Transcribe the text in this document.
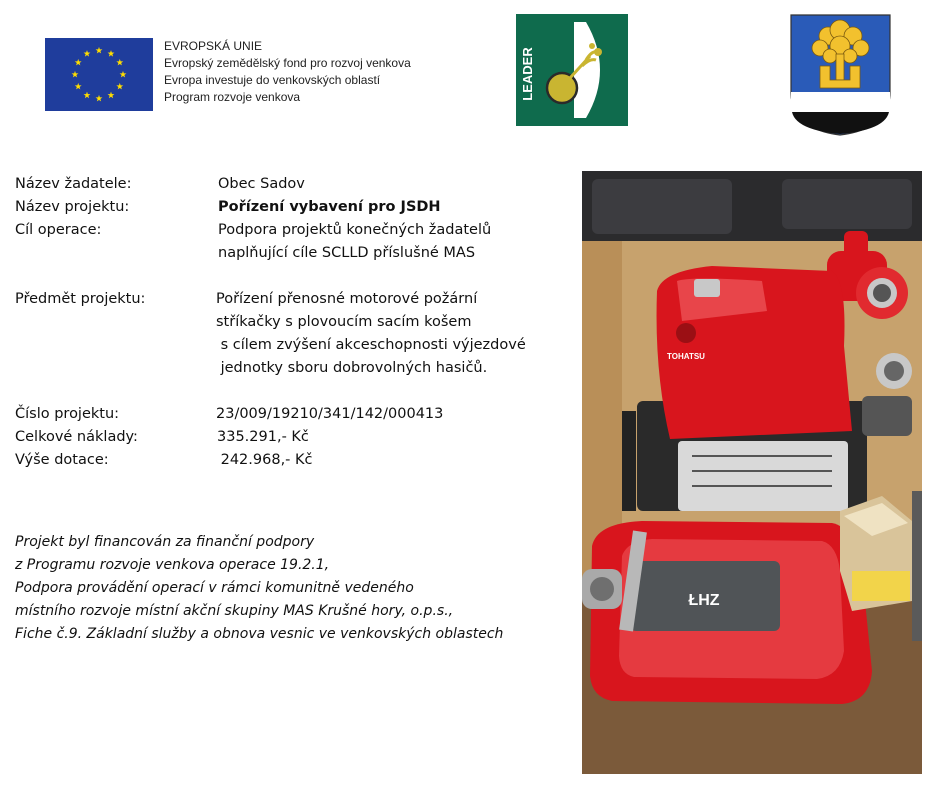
EVROPSKÁ UNIE
Evropský zemědělský fond pro rozvoj venkova
Evropa investuje do venkovských oblastí
Program rozvoje venkova	LEADER
Název žadatele:	Obec Sadov
Název projektu:	Pořízení vybavení pro JSDH
Cíl operace:	Podpora projektů konečných žadatelů
naplňující cíle SCLLD příslušné MAS
Předmět projektu:	Pořízení přenosné motorové požární
stříkačky s plovoucím sacím košem
s cílem zvýšení akceschopnosti výjezdové
jednotky sboru dobrovolných hasičů.
Číslo projektu:	23/009/19210/341/142/000413
Celkové náklady:	335.291,- Kč
Výše dotace:	242.968,- Kč
Projekt byl financován za finanční podpory
z Programu rozvoje venkova operace 19.2.1,
Podpora provádění operací v rámci komunitně vedeného
místního rozvoje místní akční skupiny MAS Krušné hory, o.p.s.,
Fiche č.9. Základní služby a obnova vesnic ve venkovských oblastech
TOHATSU
ŁHZ
